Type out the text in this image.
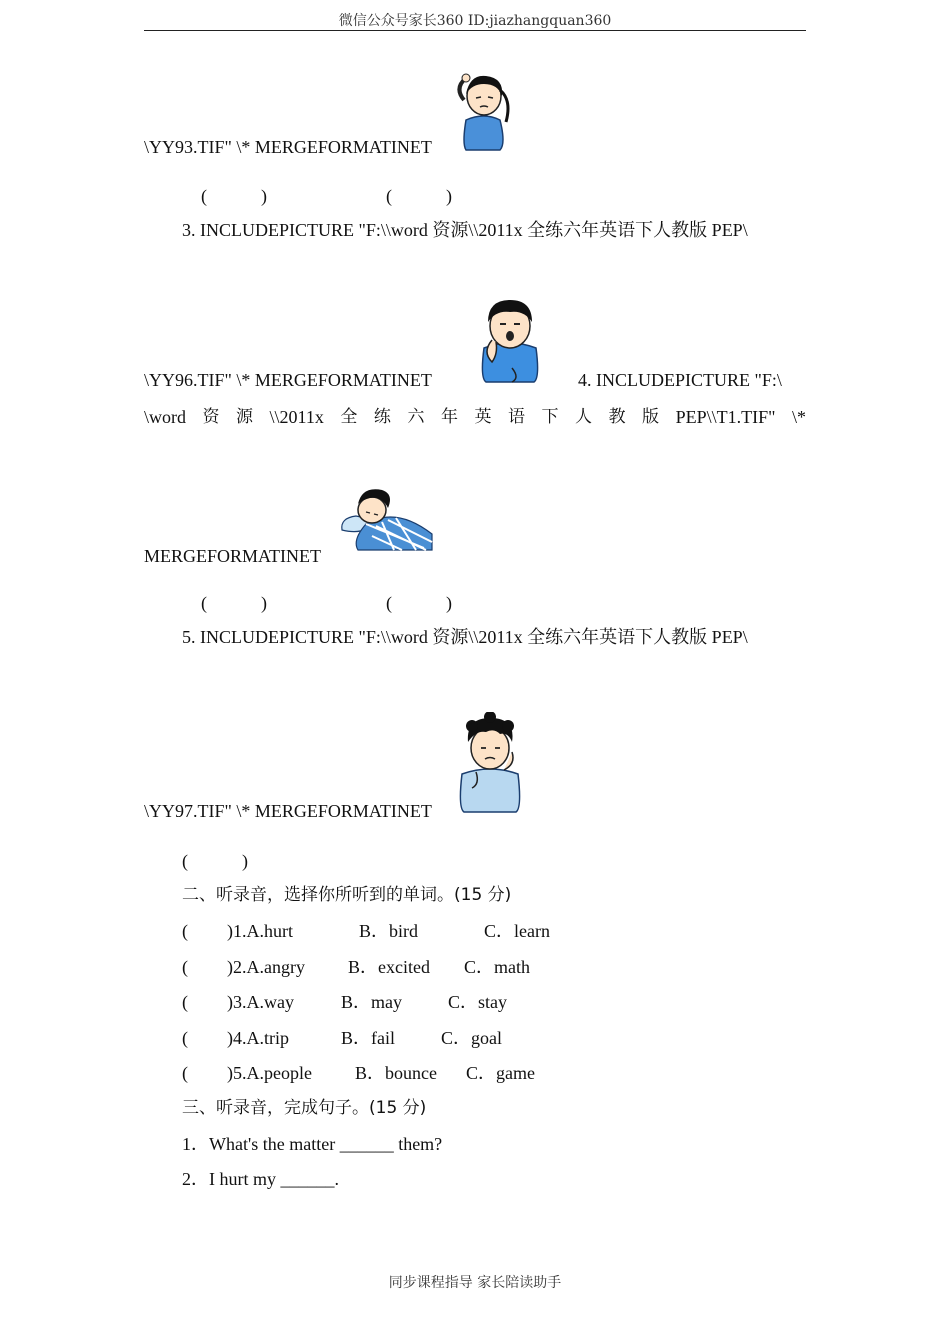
微信公众号家长360 ID:jiazhangquan360
\YY93.TIF" \* MERGEFORMATINET
(　　　)	(　　　)
3. INCLUDEPICTURE "F:\\word 资源\\2011x 全练六年英语下人教版 PEP\
\YY96.TIF" \* MERGEFORMATINET	4. INCLUDEPICTURE "F:\
\word 资 源 \\2011x 全 练 六 年 英 语 下 人 教 版 PEP\\T1.TIF" \*
MERGEFORMATINET
(　　　)	(　　　)
5. INCLUDEPICTURE "F:\\word 资源\\2011x 全练六年英语下人教版 PEP\
\YY97.TIF" \* MERGEFORMATINET
(　　　)
二、听录音，选择你所听到的单词。(15 分)
( )1.A.hurt	B．bird	C．learn
( )2.A.angry B．excited C．math
( )3.A.way	B．may	C．stay
( )4.A.trip	B．fail	C．goal
( )5.A.people B．bounce C．game
三、听录音，完成句子。(15 分)
1．What's the matter ______ them?
2．I hurt my ______.
同步课程指导 家长陪读助手
